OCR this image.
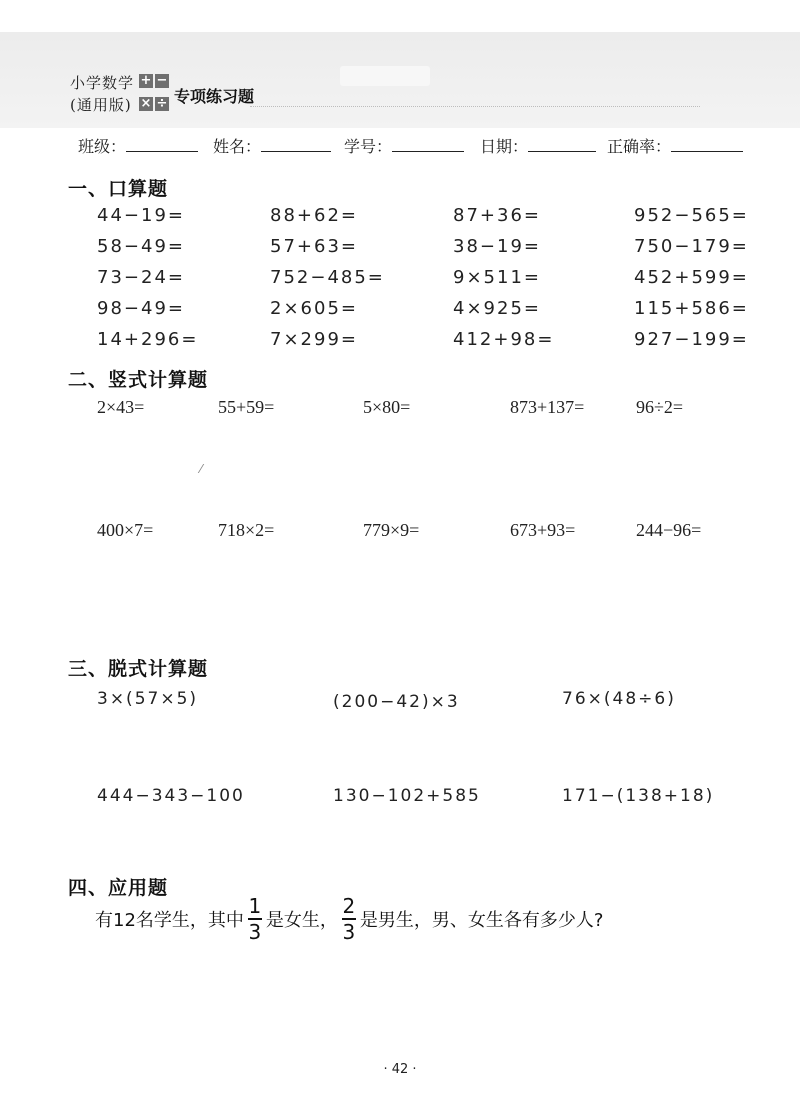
小学数学
(通用版)
+ −
× ÷ 专项练习题
班级：	姓名：	学号：	日期：	正确率：
一、口算题
44−19=	88+62=	87+36=	952−565=
58−49=	57+63=	38−19=	750−179=
73−24=	752−485=	9×511=	452+599=
98−49=	2×605=	4×925=	115+586=
14+296=	7×299=	412+98=	927−199=
二、竖式计算题
2×43=	55+59=	5×80=	873+137=	96÷2=
⁄
400×7=	718×2=	779×9=	673+93=	244−96=
三、脱式计算题
3×(57×5)	(200−42)×3	76×(48÷6)
444−343−100	130−102+585	171−(138+18)
四、应用题
有12名学生，其中 $\frac{1}{3}$ 是女生， $\frac{2}{3}$ 是男生，男、女生各有多少人?
· 42 ·
